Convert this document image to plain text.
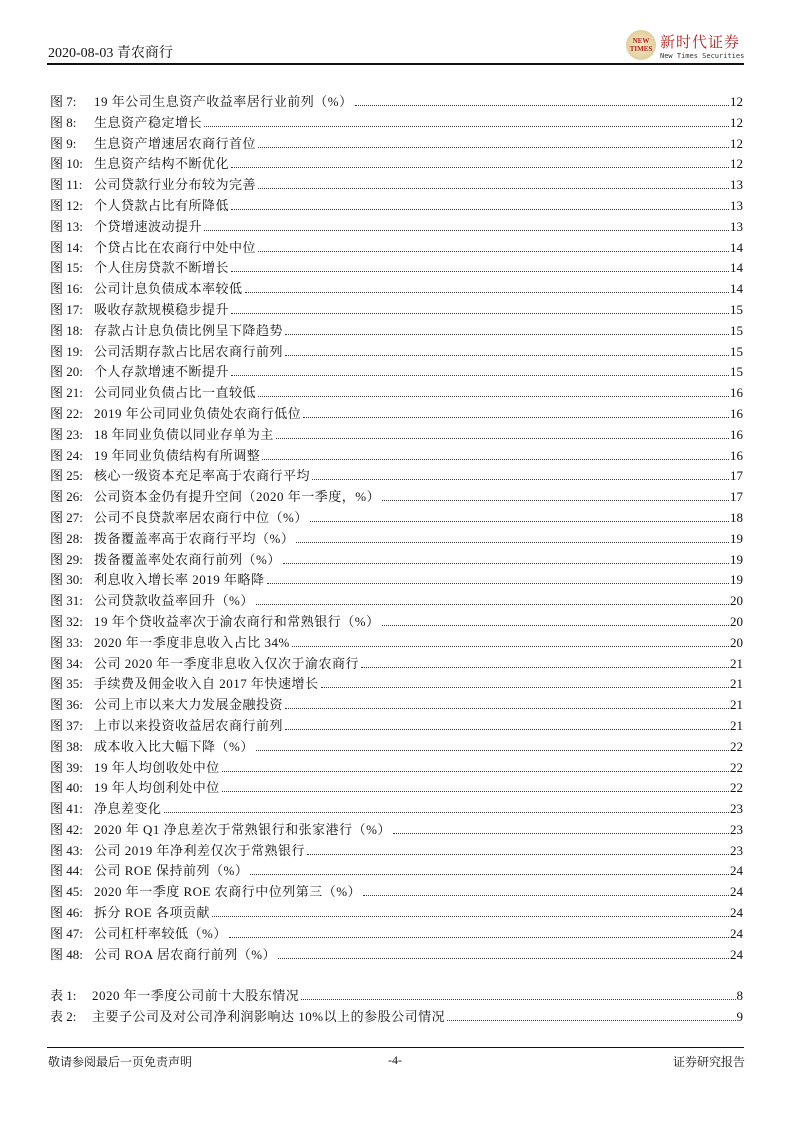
2020-08-03 青农商行
NEW
TIMES 新时代证券
New Times Securities
图 7:	19 年公司生息资产收益率居行业前列（%）	12
图 8:	生息资产稳定增长	12
图 9:	生息资产增速居农商行首位	12
图 10: 生息资产结构不断优化	12
图 11: 公司贷款行业分布较为完善	13
图 12: 个人贷款占比有所降低	13
图 13: 个贷增速波动提升	13
图 14: 个贷占比在农商行中处中位	14
图 15: 个人住房贷款不断增长	14
图 16: 公司计息负债成本率较低	14
图 17: 吸收存款规模稳步提升	15
图 18: 存款占计息负债比例呈下降趋势	15
图 19: 公司活期存款占比居农商行前列	15
图 20: 个人存款增速不断提升	15
图 21: 公司同业负债占比一直较低	16
图 22: 2019 年公司同业负债处农商行低位	16
图 23: 18 年同业负债以同业存单为主	16
图 24: 19 年同业负债结构有所调整	16
图 25: 核心一级资本充足率高于农商行平均	17
图 26: 公司资本金仍有提升空间（2020 年一季度，%）	17
图 27: 公司不良贷款率居农商行中位（%）	18
图 28: 拨备覆盖率高于农商行平均（%）	19
图 29: 拨备覆盖率处农商行前列（%）	19
图 30: 利息收入增长率 2019 年略降	19
图 31: 公司贷款收益率回升（%）	20
图 32: 19 年个贷收益率次于渝农商行和常熟银行（%）	20
图 33: 2020 年一季度非息收入占比 34%	20
图 34: 公司 2020 年一季度非息收入仅次于渝农商行	21
图 35: 手续费及佣金收入自 2017 年快速增长	21
图 36: 公司上市以来大力发展金融投资	21
图 37: 上市以来投资收益居农商行前列	21
图 38: 成本收入比大幅下降（%）	22
图 39: 19 年人均创收处中位	22
图 40: 19 年人均创利处中位	22
图 41: 净息差变化	23
图 42: 2020 年 Q1 净息差次于常熟银行和张家港行（%）	23
图 43: 公司 2019 年净利差仅次于常熟银行	23
图 44: 公司 ROE 保持前列（%）	24
图 45: 2020 年一季度 ROE 农商行中位列第三（%）	24
图 46: 拆分 ROE 各项贡献	24
图 47: 公司杠杆率较低（%）	24
图 48: 公司 ROA 居农商行前列（%）	24
表 1:	2020 年一季度公司前十大股东情况	8
表 2:	主要子公司及对公司净利润影响达 10%以上的参股公司情况	9
敬请参阅最后一页免责声明	-4-	证券研究报告
